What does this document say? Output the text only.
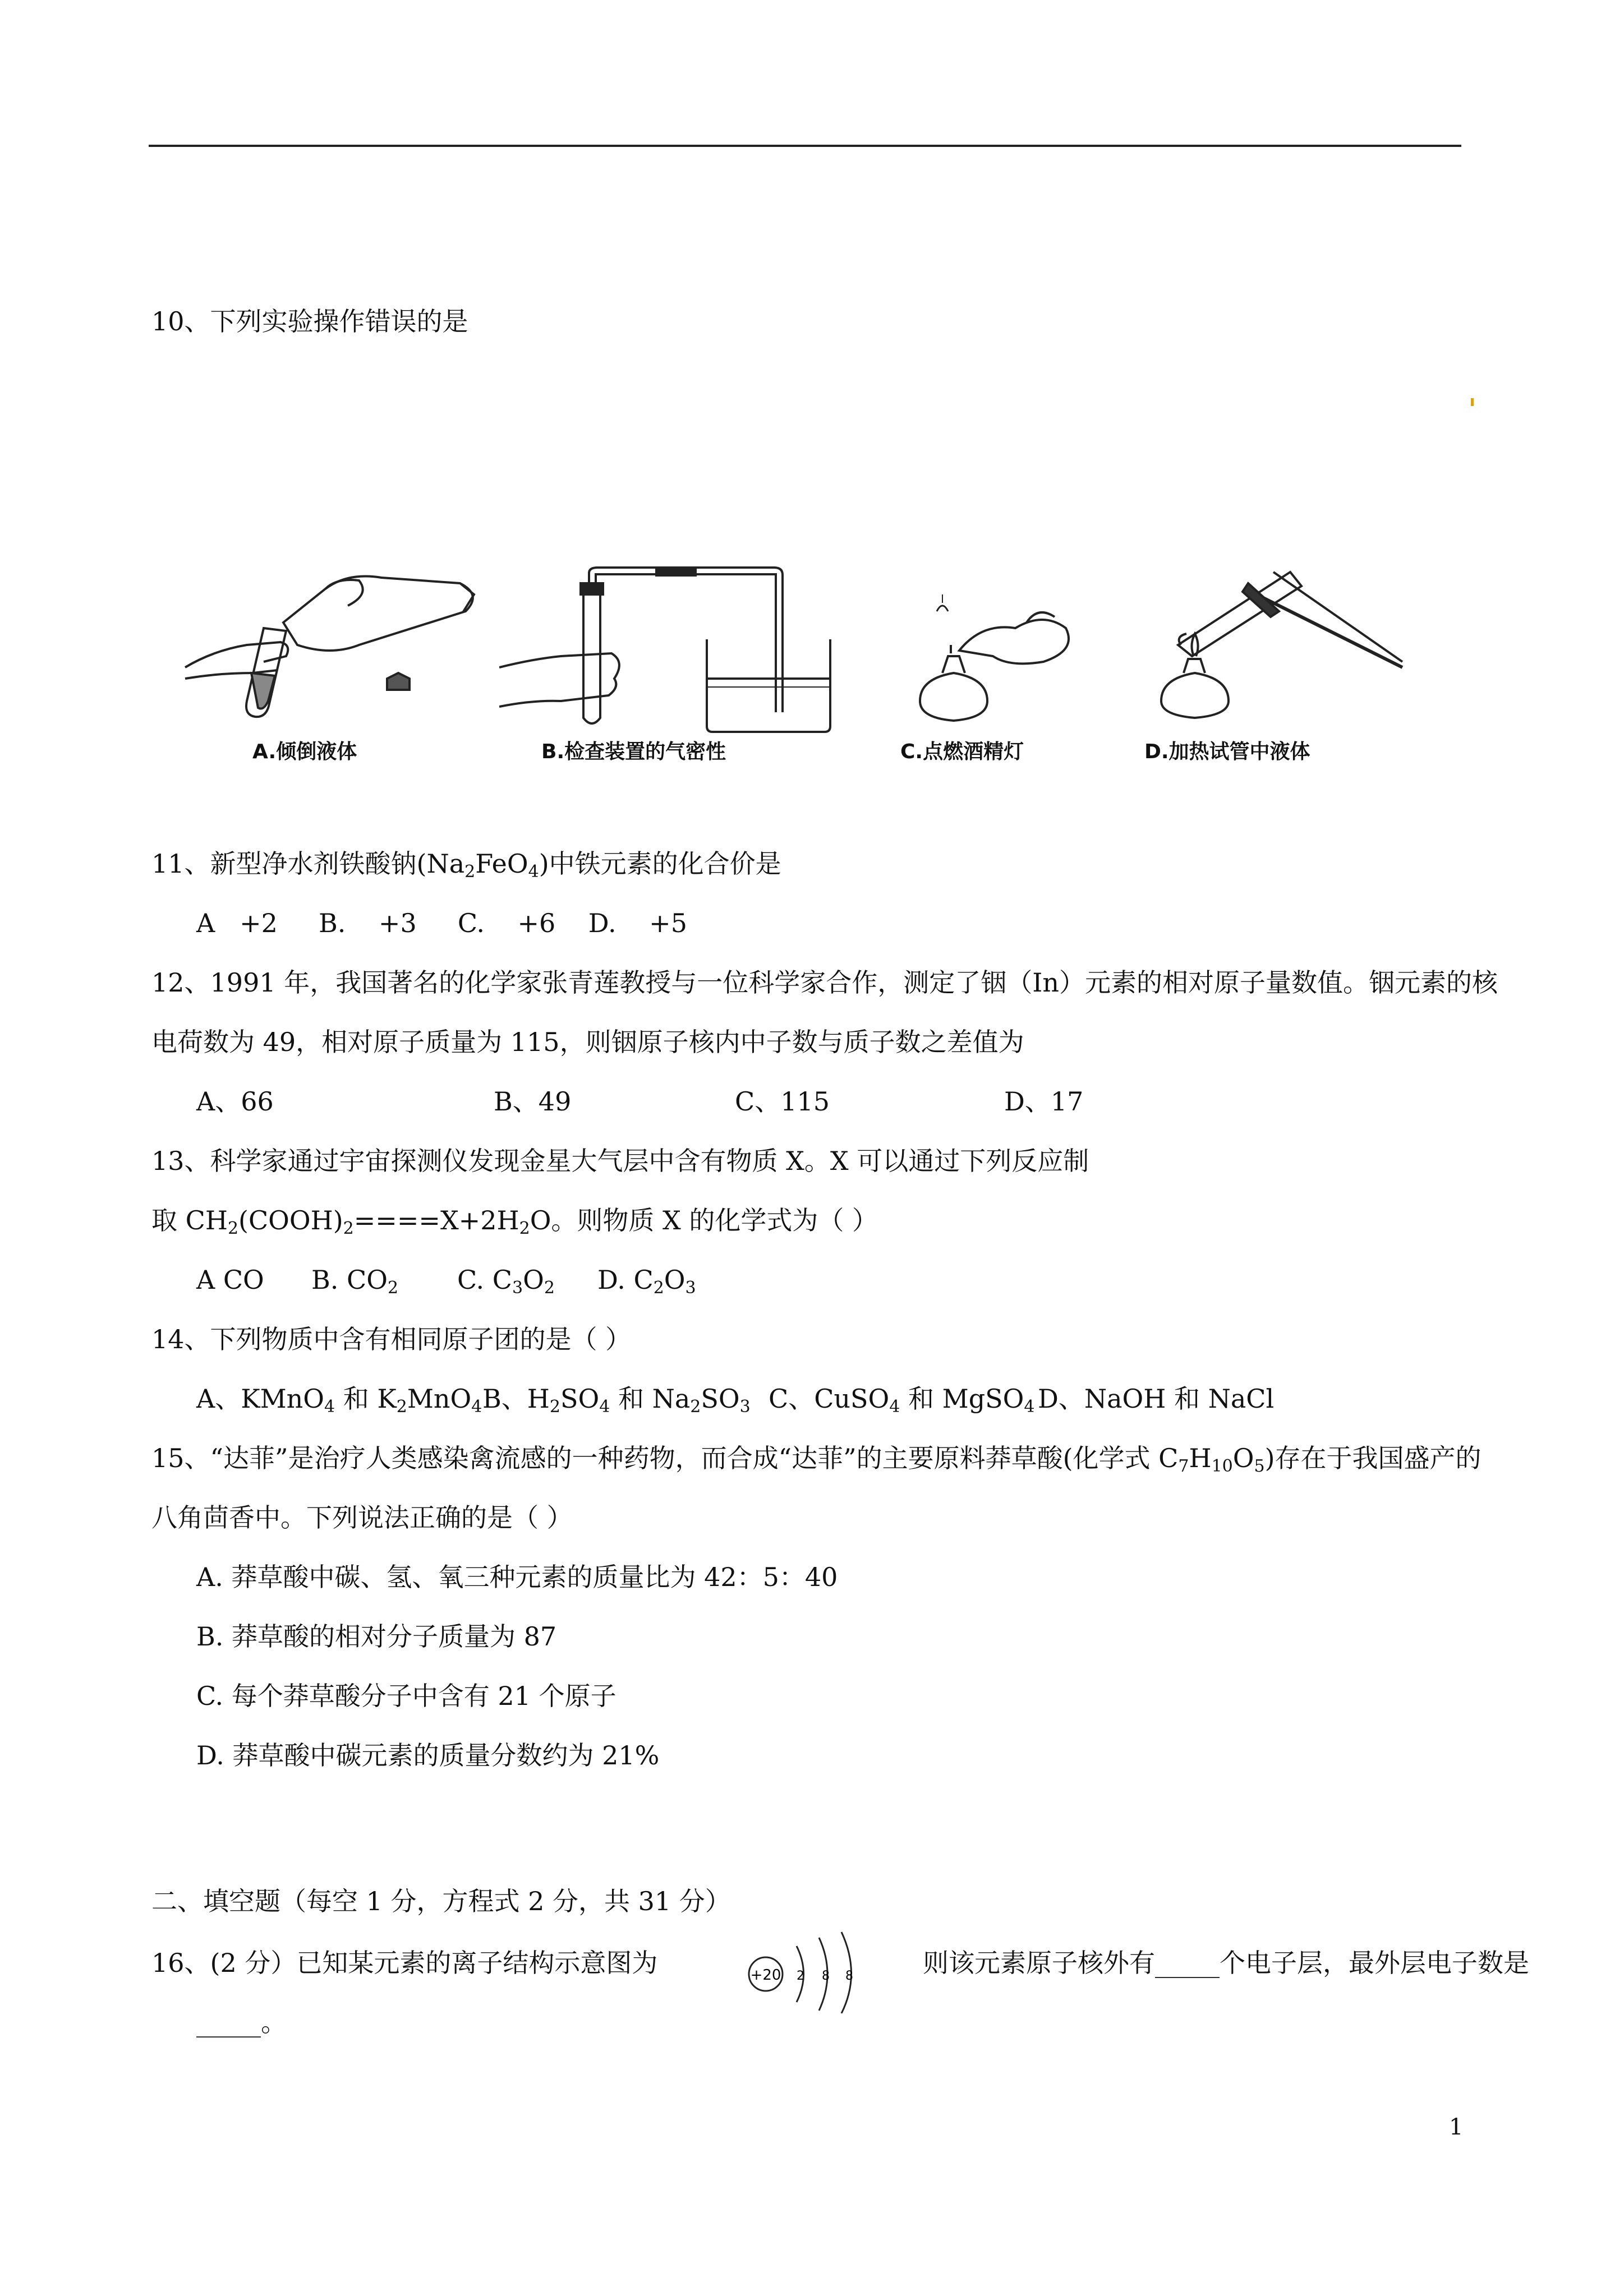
10、下列实验操作错误的是
A.倾倒液体	B.检查装置的气密性	C.点燃酒精灯	D.加热试管中液体
11、新型净水剂铁酸钠$(Na_2FeO_4)$中铁元素的化合价是
A   +2     B.    +3     C.    +6    D.    +5
12、1991 年，我国著名的化学家张青莲教授与一位科学家合作，测定了铟（In）元素的相对原子量数值。铟元素的核
电荷数为 49，相对原子质量为 115，则铟原子核内中子数与质子数之差值为
A、66	B、49	C、115	D、17
13、科学家通过宇宙探测仪发现金星大气层中含有物质 X。X 可以通过下列反应制
取 $CH_2(COOH)_2====X+2H_2O$。则物质 X 的化学式为（ ）
A CO B. $CO_2$ C. $C_3O_2$ D. $C_2O_3$
14、下列物质中含有相同原子团的是（ ）
A、KMnO$_4$ 和 $K_2MnO_4$ B、$H_2SO_4$ 和 $Na_2SO_3$ C、CuSO$_4$ 和 MgSO$_4$ D、NaOH 和 NaCl
15、“达菲”是治疗人类感染禽流感的一种药物，而合成“达菲”的主要原料莽草酸(化学式 $C_7H_{10}O_5$)存在于我国盛产的
八角茴香中。下列说法正确的是（ ）
A. 莽草酸中碳、氢、氧三种元素的质量比为 42：5：40
B. 莽草酸的相对分子质量为 87
C. 每个莽草酸分子中含有 21 个原子
D. 莽草酸中碳元素的质量分数约为 21%
二、填空题（每空 1 分，方程式 2 分，共 31 分）
16、(2 分）已知某元素的离子结构示意图为	+20 2 8 8	则该元素原子核外有_____个电子层，最外层电子数是
_____。
1
